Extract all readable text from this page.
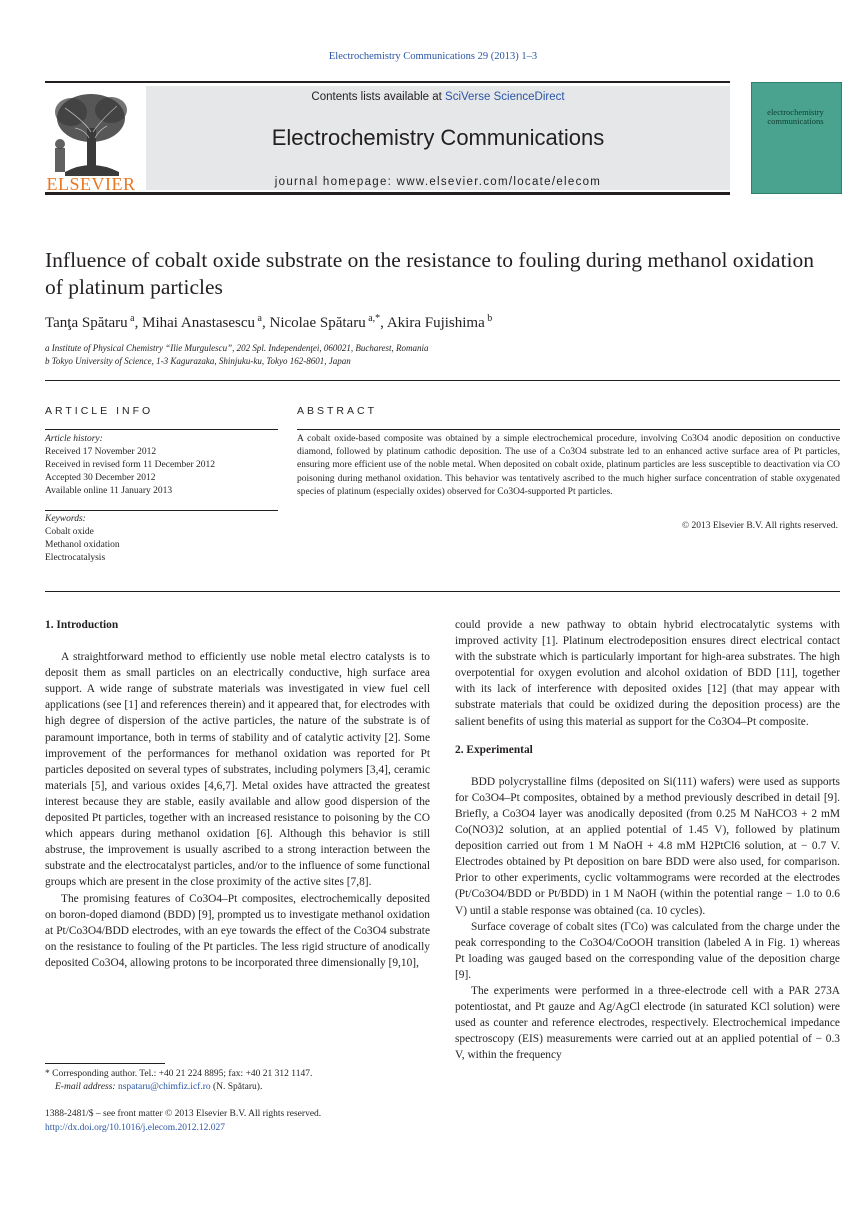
Electrochemistry Communications 29 (2013) 1–3
Contents lists available at SciVerse ScienceDirect
Electrochemistry Communications
journal homepage: www.elsevier.com/locate/elecom
ELSEVIER
electrochemistry communications
Influence of cobalt oxide substrate on the resistance to fouling during methanol oxidation of platinum particles
Tanţa Spătaru $^a$, Mihai Anastasescu $^a$, Nicolae Spătaru $^{a,*}$, Akira Fujishima $^b$
a Institute of Physical Chemistry “Ilie Murgulescu”, 202 Spl. Independenţei, 060021, Bucharest, Romania
b Tokyo University of Science, 1-3 Kagurazaka, Shinjuku-ku, Tokyo 162-8601, Japan
ARTICLE INFO	ABSTRACT
Article history:
Received 17 November 2012
Received in revised form 11 December 2012
Accepted 30 December 2012
Available online 11 January 2013
Keywords:
Cobalt oxide
Methanol oxidation
Electrocatalysis
A cobalt oxide-based composite was obtained by a simple electrochemical procedure, involving Co3O4 anodic deposition on conductive diamond, followed by platinum cathodic deposition. The use of a Co3O4 substrate led to an enhanced active surface area of Pt particles, ensuring more efficient use of the noble metal. When deposited on cobalt oxide, platinum particles are less susceptible to deactivation via CO poisoning during methanol oxidation. This behavior was tentatively ascribed to the much higher surface concentration of stable oxygenated species of platinum (especially oxides) observed for Co3O4-supported Pt particles.
© 2013 Elsevier B.V. All rights reserved.
1. Introduction

A straightforward method to efficiently use noble metal electro catalysts is to deposit them as small particles on an electrically conductive, high surface area support. A wide range of substrate materials was investigated in view fuel cell applications (see [1] and references therein) and it appeared that, for electrodes with high degree of dispersion of the active particles, the nature of the substrate is of paramount importance, both in terms of stability and of catalytic activity [2]. Some improvement of the performances for methanol oxidation was reported for Pt particles deposited on several types of substrates, including polymers [3,4], ceramic materials [5], and various oxides [4,6,7]. Metal oxides have attracted the greatest interest because they are stable, easily available and allow good dispersion of the deposited Pt particles, together with an increased resistance to poisoning by the CO which appears during methanol oxidation [6]. Although this behavior is still abstruse, the improvement is usually ascribed to a strong interaction between the substrate and the electrocatalyst particles, and/or to the influence of some functional groups which are present in the close proximity of the active sites [7,8].

The promising features of Co3O4–Pt composites, electrochemically deposited on boron-doped diamond (BDD) [9], prompted us to investigate methanol oxidation at Pt/Co3O4/BDD electrodes, with an eye towards the effect of the Co3O4 substrate on the resistance to fouling of the Pt particles. The less rigid structure of anodically deposited Co3O4, allowing protons to be incorporated three dimensionally [9,10],

could provide a new pathway to obtain hybrid electrocatalytic systems with improved activity [1]. Platinum electrodeposition ensures direct electrical contact with the substrate which is particularly important for high-area substrates. The high overpotential for oxygen evolution and alcohol oxidation of BDD [11], together with its lack of interference with deposited oxides [12] (that may appear with substrate materials that could be oxidized during the deposition process) are the salient benefits of using this material as support for the Co3O4–Pt composite.

2. Experimental

BDD polycrystalline films (deposited on Si(111) wafers) were used as supports for Co3O4–Pt composites, obtained by a method previously described in detail [9]. Briefly, a Co3O4 layer was anodically deposited (from 0.25 M NaHCO3 + 2 mM Co(NO3)2 solution, at an applied potential of 1.45 V), followed by platinum deposition carried out from 1 M NaOH + 4.8 mM H2PtCl6 solution, at − 0.7 V. Electrodes obtained by Pt deposition on bare BDD were also used, for comparison. Prior to other experiments, cyclic voltammograms were recorded at the electrodes (Pt/Co3O4/BDD or Pt/BDD) in 1 M NaOH (within the potential range − 1.0 to 0.6 V) until a stable response was obtained (ca. 10 cycles).

Surface coverage of cobalt sites (ΓCo) was calculated from the charge under the peak corresponding to the Co3O4/CoOOH transition (labeled A in Fig. 1) whereas Pt loading was gauged based on the corresponding value of the deposition charge [9].

The experiments were performed in a three-electrode cell with a PAR 273A potentiostat, and Pt gauze and Ag/AgCl electrode (in saturated KCl solution) were used as counter and reference electrodes, respectively. Electrochemical impedance spectroscopy (EIS) measurements were carried out at an applied potential of − 0.3 V, within the frequency

* Corresponding author. Tel.: +40 21 224 8895; fax: +40 21 312 1147.
E-mail address: nspataru@chimfiz.icf.ro (N. Spătaru).
1388-2481/$ – see front matter © 2013 Elsevier B.V. All rights reserved.
http://dx.doi.org/10.1016/j.elecom.2012.12.027
